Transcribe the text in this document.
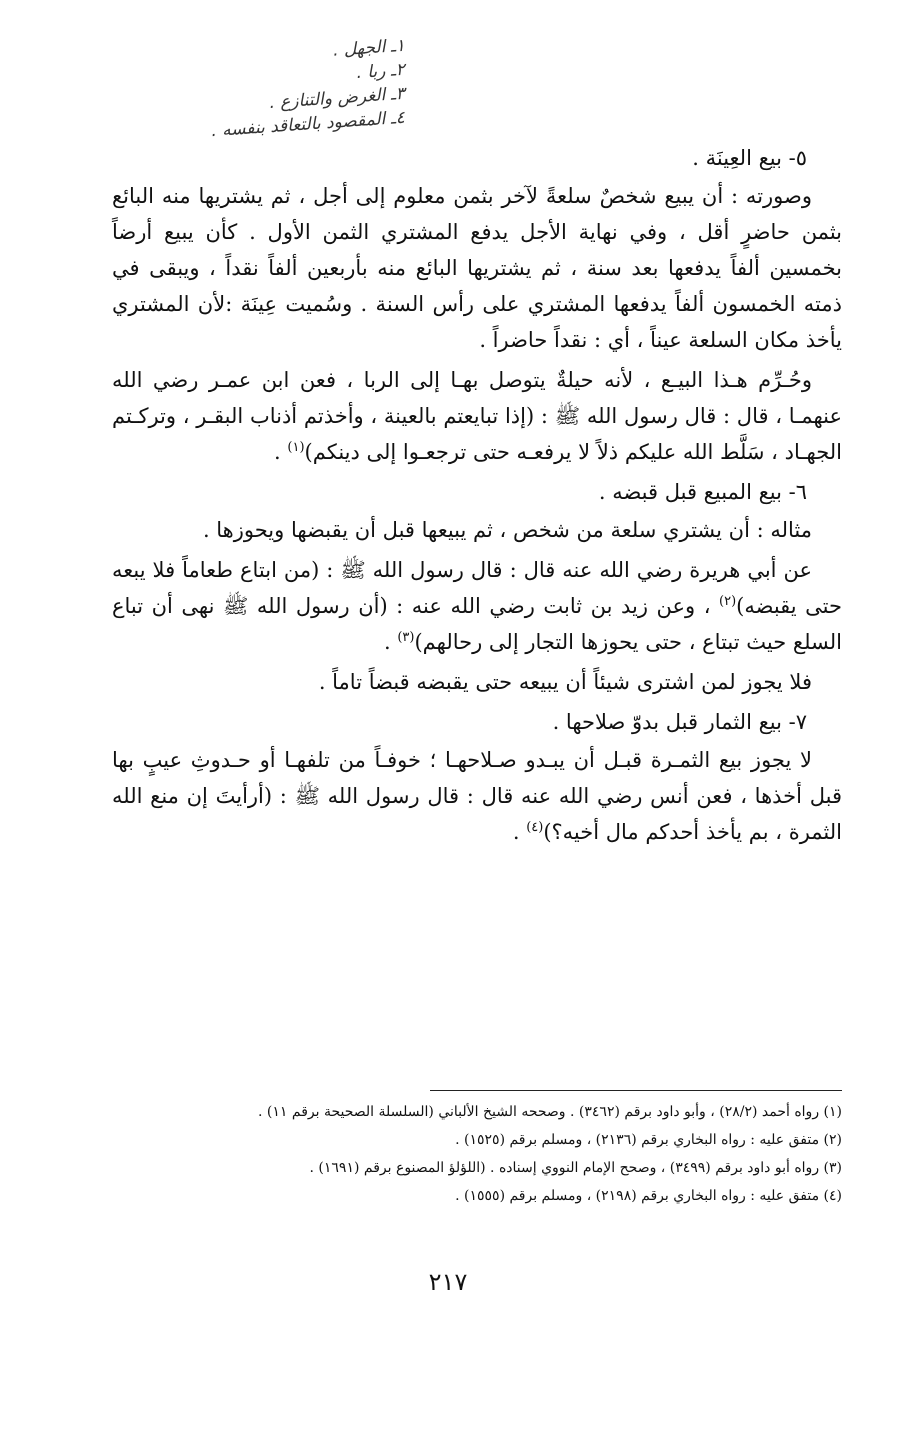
١ـ الجهل .
٢ـ ربا .
٣ـ الغرض والتنازع .
٤ـ المقصود بالتعاقد بنفسه .
٥- بيع العِينَة .

وصورته : أن يبيع شخصٌ سلعةً لآخر بثمن معلوم إلى أجل ، ثم يشتريها منه البائع بثمن حاضرٍ أقل ، وفي نهاية الأجل يدفع المشتري الثمن الأول . كأن يبيع أرضاً بخمسين ألفاً يدفعها بعد سنة ، ثم يشتريها البائع منه بأربعين ألفاً نقداً ، ويبقى في ذمته الخمسون ألفاً يدفعها المشتري على رأس السنة . وسُميت عِينَة :لأن المشتري يأخذ مكان السلعة عيناً ، أي : نقداً حاضراً .

وحُـرِّم هـذا البيـع ، لأنه حيلةٌ يتوصل بهـا إلى الربا ، فعن ابن عمـر رضي الله عنهمـا ، قال : قال رسول الله ﷺ : (إذا تبايعتم بالعينة ، وأخذتم أذناب البقـر ، وتركـتم الجهـاد ، سَلَّط الله عليكم ذلاً لا يرفعـه حتى ترجعـوا إلى دينكم)$^{(١)}$ .

٦- بيع المبيع قبل قبضه .

مثاله : أن يشتري سلعة من شخص ، ثم يبيعها قبل أن يقبضها ويحوزها .

عن أبي هريرة رضي الله عنه قال : قال رسول الله ﷺ : (من ابتاع طعاماً فلا يبعه حتى يقبضه)$^{(٢)}$ ، وعن زيد بن ثابت رضي الله عنه : (أن رسول الله ﷺ نهى أن تباع السلع حيث تبتاع ، حتى يحوزها التجار إلى رحالهم)$^{(٣)}$ .

فلا يجوز لمن اشترى شيئاً أن يبيعه حتى يقبضه قبضاً تاماً .

٧- بيع الثمار قبل بدوّ صلاحها .

لا يجوز بيع الثمـرة قبـل أن يبـدو صـلاحهـا ؛ خوفـاً من تلفهـا أو حـدوثِ عيبٍ بها قبل أخذها ، فعن أنس رضي الله عنه قال : قال رسول الله ﷺ : (أرأيتَ إن منع الله الثمرة ، بم يأخذ أحدكم مال أخيه؟)$^{(٤)}$ .

(١) رواه أحمد (٢٨/٢) ، وأبو داود برقم (٣٤٦٢) . وصححه الشيخ الألباني (السلسلة الصحيحة برقم ١١) .
(٢) متفق عليه : رواه البخاري برقم (٢١٣٦) ، ومسلم برقم (١٥٢٥) .
(٣) رواه أبو داود برقم (٣٤٩٩) ، وصحح الإمام النووي إسناده . (اللؤلؤ المصنوع برقم (١٦٩١) .
(٤) متفق عليه : رواه البخاري برقم (٢١٩٨) ، ومسلم برقم (١٥٥٥) .
٢١٧
